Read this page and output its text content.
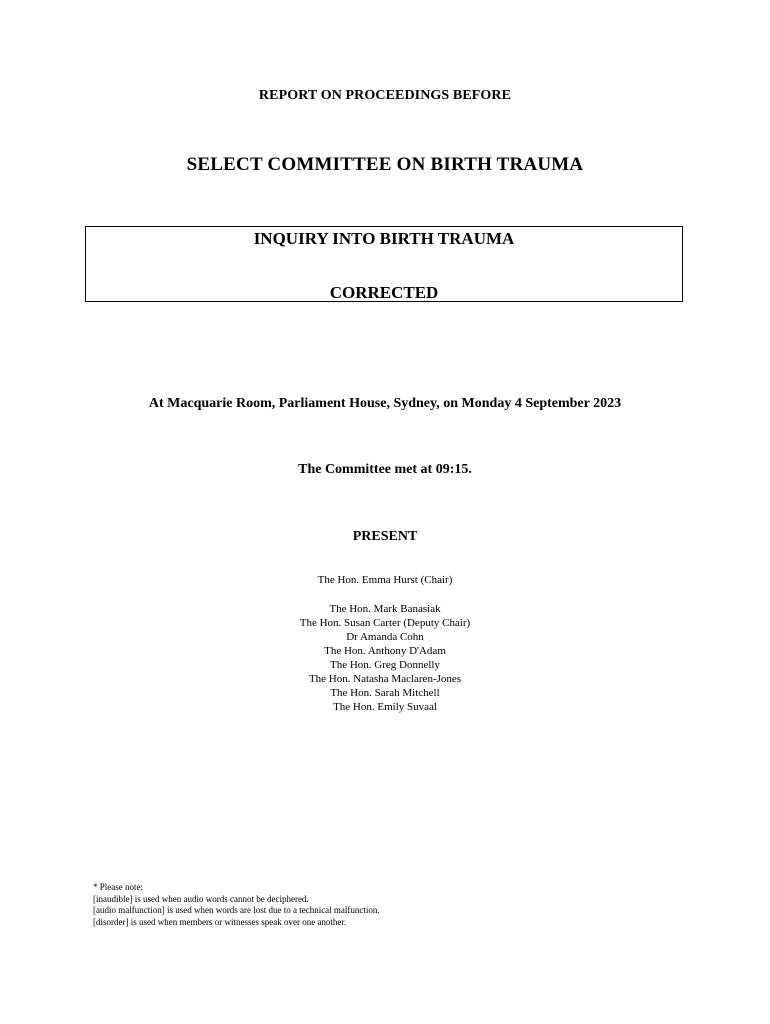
REPORT ON PROCEEDINGS BEFORE
SELECT COMMITTEE ON BIRTH TRAUMA
INQUIRY INTO BIRTH TRAUMA
CORRECTED
At Macquarie Room, Parliament House, Sydney, on Monday 4 September 2023
The Committee met at 09:15.
PRESENT
The Hon. Emma Hurst (Chair)
The Hon. Mark Banasiak
The Hon. Susan Carter (Deputy Chair)
Dr Amanda Cohn
The Hon. Anthony D'Adam
The Hon. Greg Donnelly
The Hon. Natasha Maclaren-Jones
The Hon. Sarah Mitchell
The Hon. Emily Suvaal
* Please note:
[inaudible] is used when audio words cannot be deciphered.
[audio malfunction] is used when words are lost due to a technical malfunction.
[disorder] is used when members or witnesses speak over one another.
